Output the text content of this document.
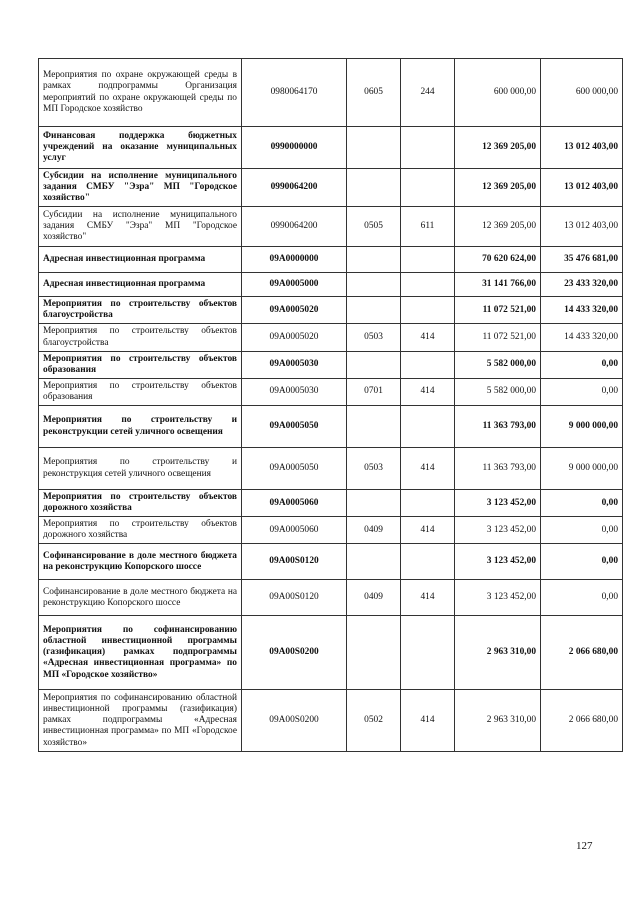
Мероприятия по охране окружающей среды в рамках подпрограммы Организация мероприятий по охране окружающей среды по МП Городское хозяйство	0980064170	0605	244	600 000,00	600 000,00
Финансовая поддержка бюджетных учреждений на оказание муниципальных услуг	0990000000			12 369 205,00	13 012 403,00
Субсидии на исполнение муниципального задания СМБУ "Эзра" МП "Городское хозяйство"	0990064200			12 369 205,00	13 012 403,00
Субсидии на исполнение муниципального задания СМБУ "Эзра" МП "Городское хозяйство"	0990064200	0505	611	12 369 205,00	13 012 403,00
Адресная инвестиционная программа	09А0000000			70 620 624,00	35 476 681,00
Адресная инвестиционная программа	09А0005000			31 141 766,00	23 433 320,00
Мероприятия по строительству объектов благоустройства	09А0005020			11 072 521,00	14 433 320,00
Мероприятия по строительству объектов благоустройства	09А0005020	0503	414	11 072 521,00	14 433 320,00
Мероприятия по строительству объектов образования	09А0005030			5 582 000,00	0,00
Мероприятия по строительству объектов образования	09А0005030	0701	414	5 582 000,00	0,00
Мероприятия по строительству и реконструкции сетей уличного освещения	09А0005050			11 363 793,00	9 000 000,00
Мероприятия по строительству и реконструкция сетей уличного освещения	09А0005050	0503	414	11 363 793,00	9 000 000,00
Мероприятия по строительству объектов дорожного хозяйства	09А0005060			3 123 452,00	0,00
Мероприятия по строительству объектов дорожного хозяйства	09А0005060	0409	414	3 123 452,00	0,00
Софинансирование в доле местного бюджета на реконструкцию Копорского шоссе	09А00S0120			3 123 452,00	0,00
Софинансирование в доле местного бюджета на реконструкцию Копорского шоссе	09А00S0120	0409	414	3 123 452,00	0,00
Мероприятия по софинансированию областной инвестиционной программы (газификация) рамках подпрограммы «Адресная инвестиционная программа» по МП «Городское хозяйство»	09А00S0200			2 963 310,00	2 066 680,00
Мероприятия по софинансированию областной инвестиционной программы (газификация) рамках подпрограммы «Адресная инвестиционная программа» по МП «Городское хозяйство»	09А00S0200	0502	414	2 963 310,00	2 066 680,00
127
